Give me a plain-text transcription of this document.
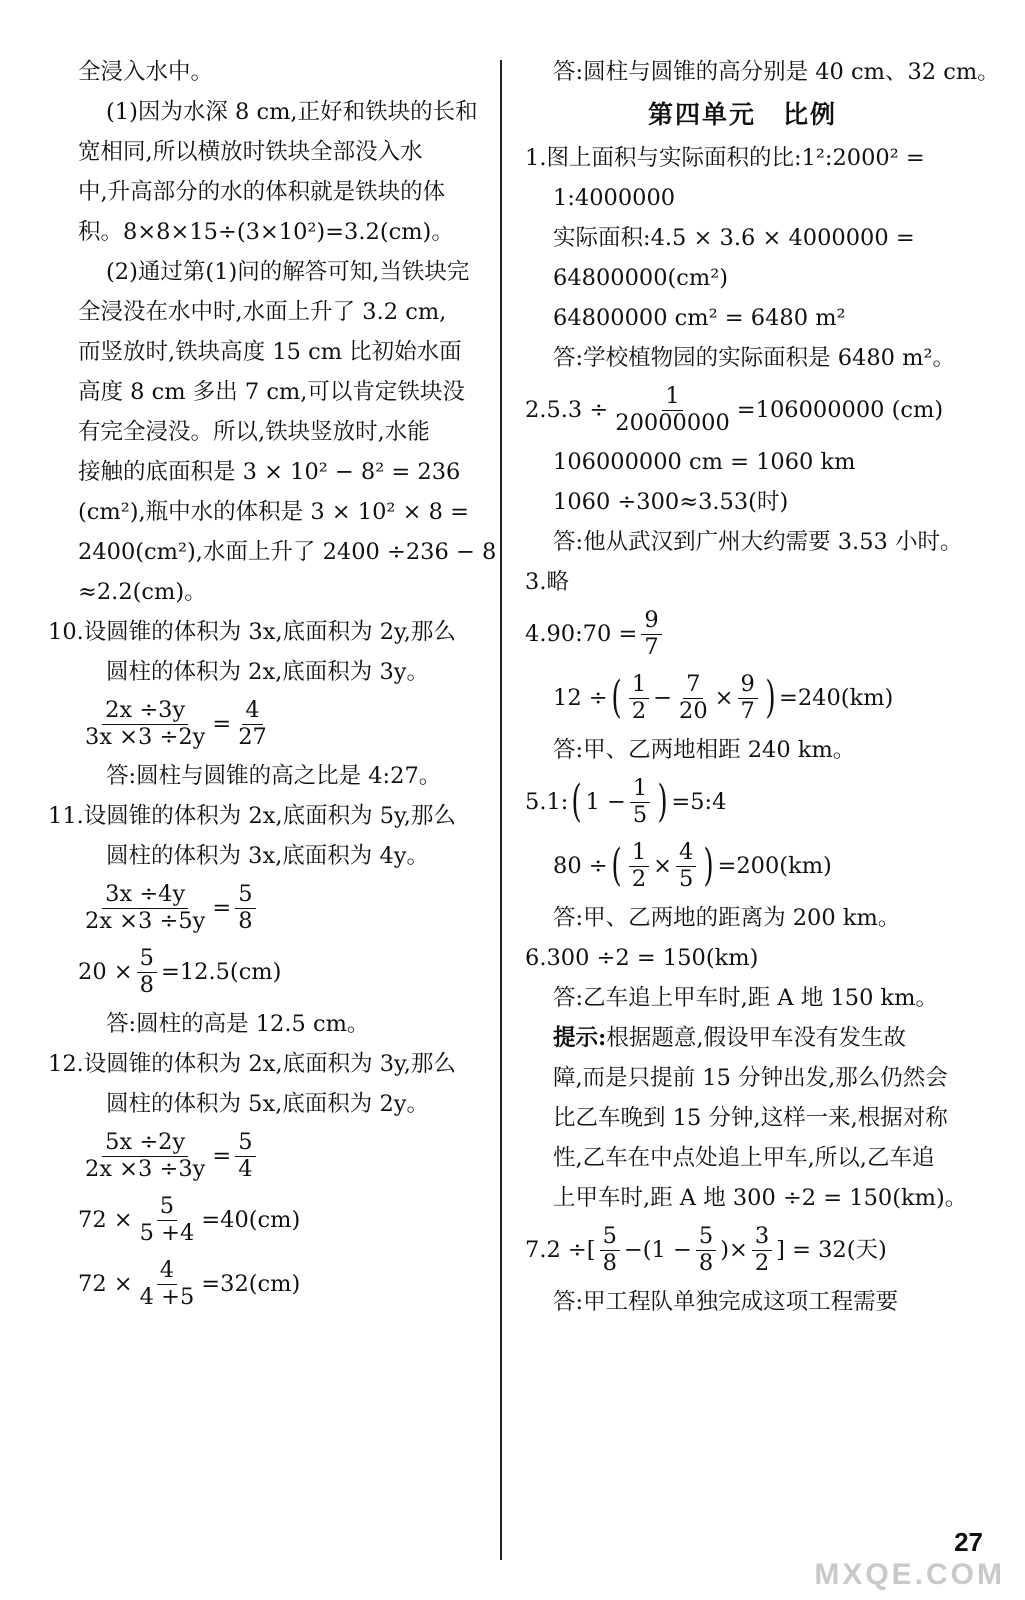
全浸入水中。
(1)因为水深 8 cm,正好和铁块的长和
宽相同,所以横放时铁块全部没入水
中,升高部分的水的体积就是铁块的体
积。8×8×15÷(3×10²)=3.2(cm)。
(2)通过第(1)问的解答可知,当铁块完
全浸没在水中时,水面上升了 3.2 cm,
而竖放时,铁块高度 15 cm 比初始水面
高度 8 cm 多出 7 cm,可以肯定铁块没
有完全浸没。所以,铁块竖放时,水能
接触的底面积是 3 × 10² − 8² = 236
(cm²),瓶中水的体积是 3 × 10² × 8 =
2400(cm²),水面上升了 2400 ÷236 − 8
≈2.2(cm)。
10.设圆锥的体积为 3x,底面积为 2y,那么
圆柱的体积为 2x,底面积为 3y。
$\frac{2x \div 3y}{3x \times 3 \div 2y} = \frac{4}{27}$
答:圆柱与圆锥的高之比是 4:27。
11.设圆锥的体积为 2x,底面积为 5y,那么
圆柱的体积为 3x,底面积为 4y。
$\frac{3x \div 4y}{2x \times 3 \div 5y} = \frac{5}{8}$
$20 \times \frac{5}{8} =12.5(cm)$
答:圆柱的高是 12.5 cm。
12.设圆锥的体积为 2x,底面积为 3y,那么
圆柱的体积为 5x,底面积为 2y。
$\frac{5x \div 2y}{2x \times 3 \div 3y} = \frac{5}{4}$
$72 \times \frac{5}{5 +4} =40(cm)$
$72 \times \frac{4}{4 +5} =32(cm)$
答:圆柱与圆锥的高分别是 40 cm、32 cm。
第四单元　比例
1.图上面积与实际面积的比:1²:2000² =
1:4000000
实际面积:4.5 × 3.6 × 4000000 =
64800000(cm²)
64800000 cm² = 6480 m²
答:学校植物园的实际面积是 6480 m²。
$2.5.3 \div \frac{1}{20000000} =106000000$ (cm)
106000000 cm = 1060 km
1060 ÷300≈3.53(时)
答:他从武汉到广州大约需要 3.53 小时。
3.略
4.90:70 = $\frac{9}{7}$
12 ÷ ( $\frac{1}{2} - \frac{7}{20} \times \frac{9}{7}$ ) =240(km)
答:甲、乙两地相距 240 km。
5.1: ( $1 - \frac{1}{5}$ ) =5:4
80 ÷ ( $\frac{1}{2} \times \frac{4}{5}$ ) =200(km)
答:甲、乙两地的距离为 200 km。
6.300 ÷2 = 150(km)
答:乙车追上甲车时,距 A 地 150 km。
提示:根据题意,假设甲车没有发生故
障,而是只提前 15 分钟出发,那么仍然会
比乙车晚到 15 分钟,这样一来,根据对称
性,乙车在中点处追上甲车,所以,乙车追
上甲车时,距 A 地 300 ÷2 = 150(km)。
7.2 ÷[ $\frac{5}{8} -(1 - \frac{5}{8}$ )× $\frac{3}{2}$ ] = 32(天)
答:甲工程队单独完成这项工程需要
MXQE.COM
27
